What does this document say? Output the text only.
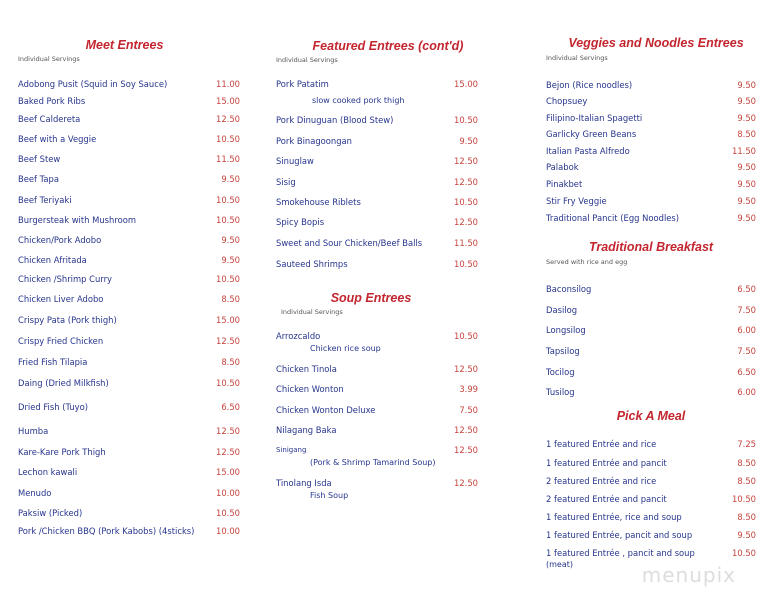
Meet Entrees
Individual Servings
Adobong Pusit (Squid in Soy Sauce)	11.00
Baked Pork Ribs	15.00
Beef Caldereta	12.50
Beef with a Veggie	10.50
Beef Stew	11.50
Beef Tapa	9.50
Beef Teriyaki	10.50
Burgersteak with Mushroom	10.50
Chicken/Pork Adobo	9.50
Chicken Afritada	9.50
Chicken /Shrimp Curry	10.50
Chicken Liver Adobo	8.50
Crispy Pata (Pork thigh)	15.00
Crispy Fried Chicken	12.50
Fried Fish Tilapia	8.50
Daing (Dried Milkfish)	10.50
Dried Fish (Tuyo)	6.50
Humba	12.50
Kare-Kare Pork Thigh	12.50
Lechon kawali	15.00
Menudo	10.00
Paksiw (Picked)	10.50
Pork /Chicken BBQ (Pork Kabobs) (4sticks)	10.00
Featured Entrees (cont'd)
Individual Servings
Pork Patatim	15.00
slow cooked pork thigh
Pork Dinuguan (Blood Stew)	10.50
Pork Binagoongan	9.50
Sinuglaw	12.50
Sisig	12.50
Smokehouse Riblets	10.50
Spicy Bopis	12.50
Sweet and Sour Chicken/Beef Balls	11.50
Sauteed Shrimps	10.50
Soup Entrees
Individual Servings
Arrozcaldo	10.50
Chicken rice soup
Chicken Tinola	12.50
Chicken Wonton	3.99
Chicken Wonton Deluxe	7.50
Nilagang Baka	12.50
Sinigang	12.50
(Pork & Shrimp Tamarind Soup)
Tinolang Isda	12.50
Fish Soup
Veggies and Noodles Entrees
Individual Servings
Bejon (Rice noodles)	9.50
Chopsuey	9.50
Filipino-Italian Spagetti	9.50
Garlicky Green Beans	8.50
Italian Pasta Alfredo	11.50
Palabok	9.50
Pinakbet	9.50
Stir Fry Veggie	9.50
Traditional Pancit (Egg Noodles)	9.50
Traditional Breakfast
Served with rice and egg
Baconsilog	6.50
Dasilog	7.50
Longsilog	6.00
Tapsilog	7.50
Tocilog	6.50
Tusilog	6.00
Pick A Meal
1 featured Entrée and rice	7.25
1 featured Entrée and pancit	8.50
2 featured Entrée and rice	8.50
2 featured Entrée and pancit	10.50
1 featured Entrée, rice and soup	8.50
1 featured Entrée, pancit and soup	9.50
1 featured Entrée , pancit and soup	10.50
(meat)	menupix
